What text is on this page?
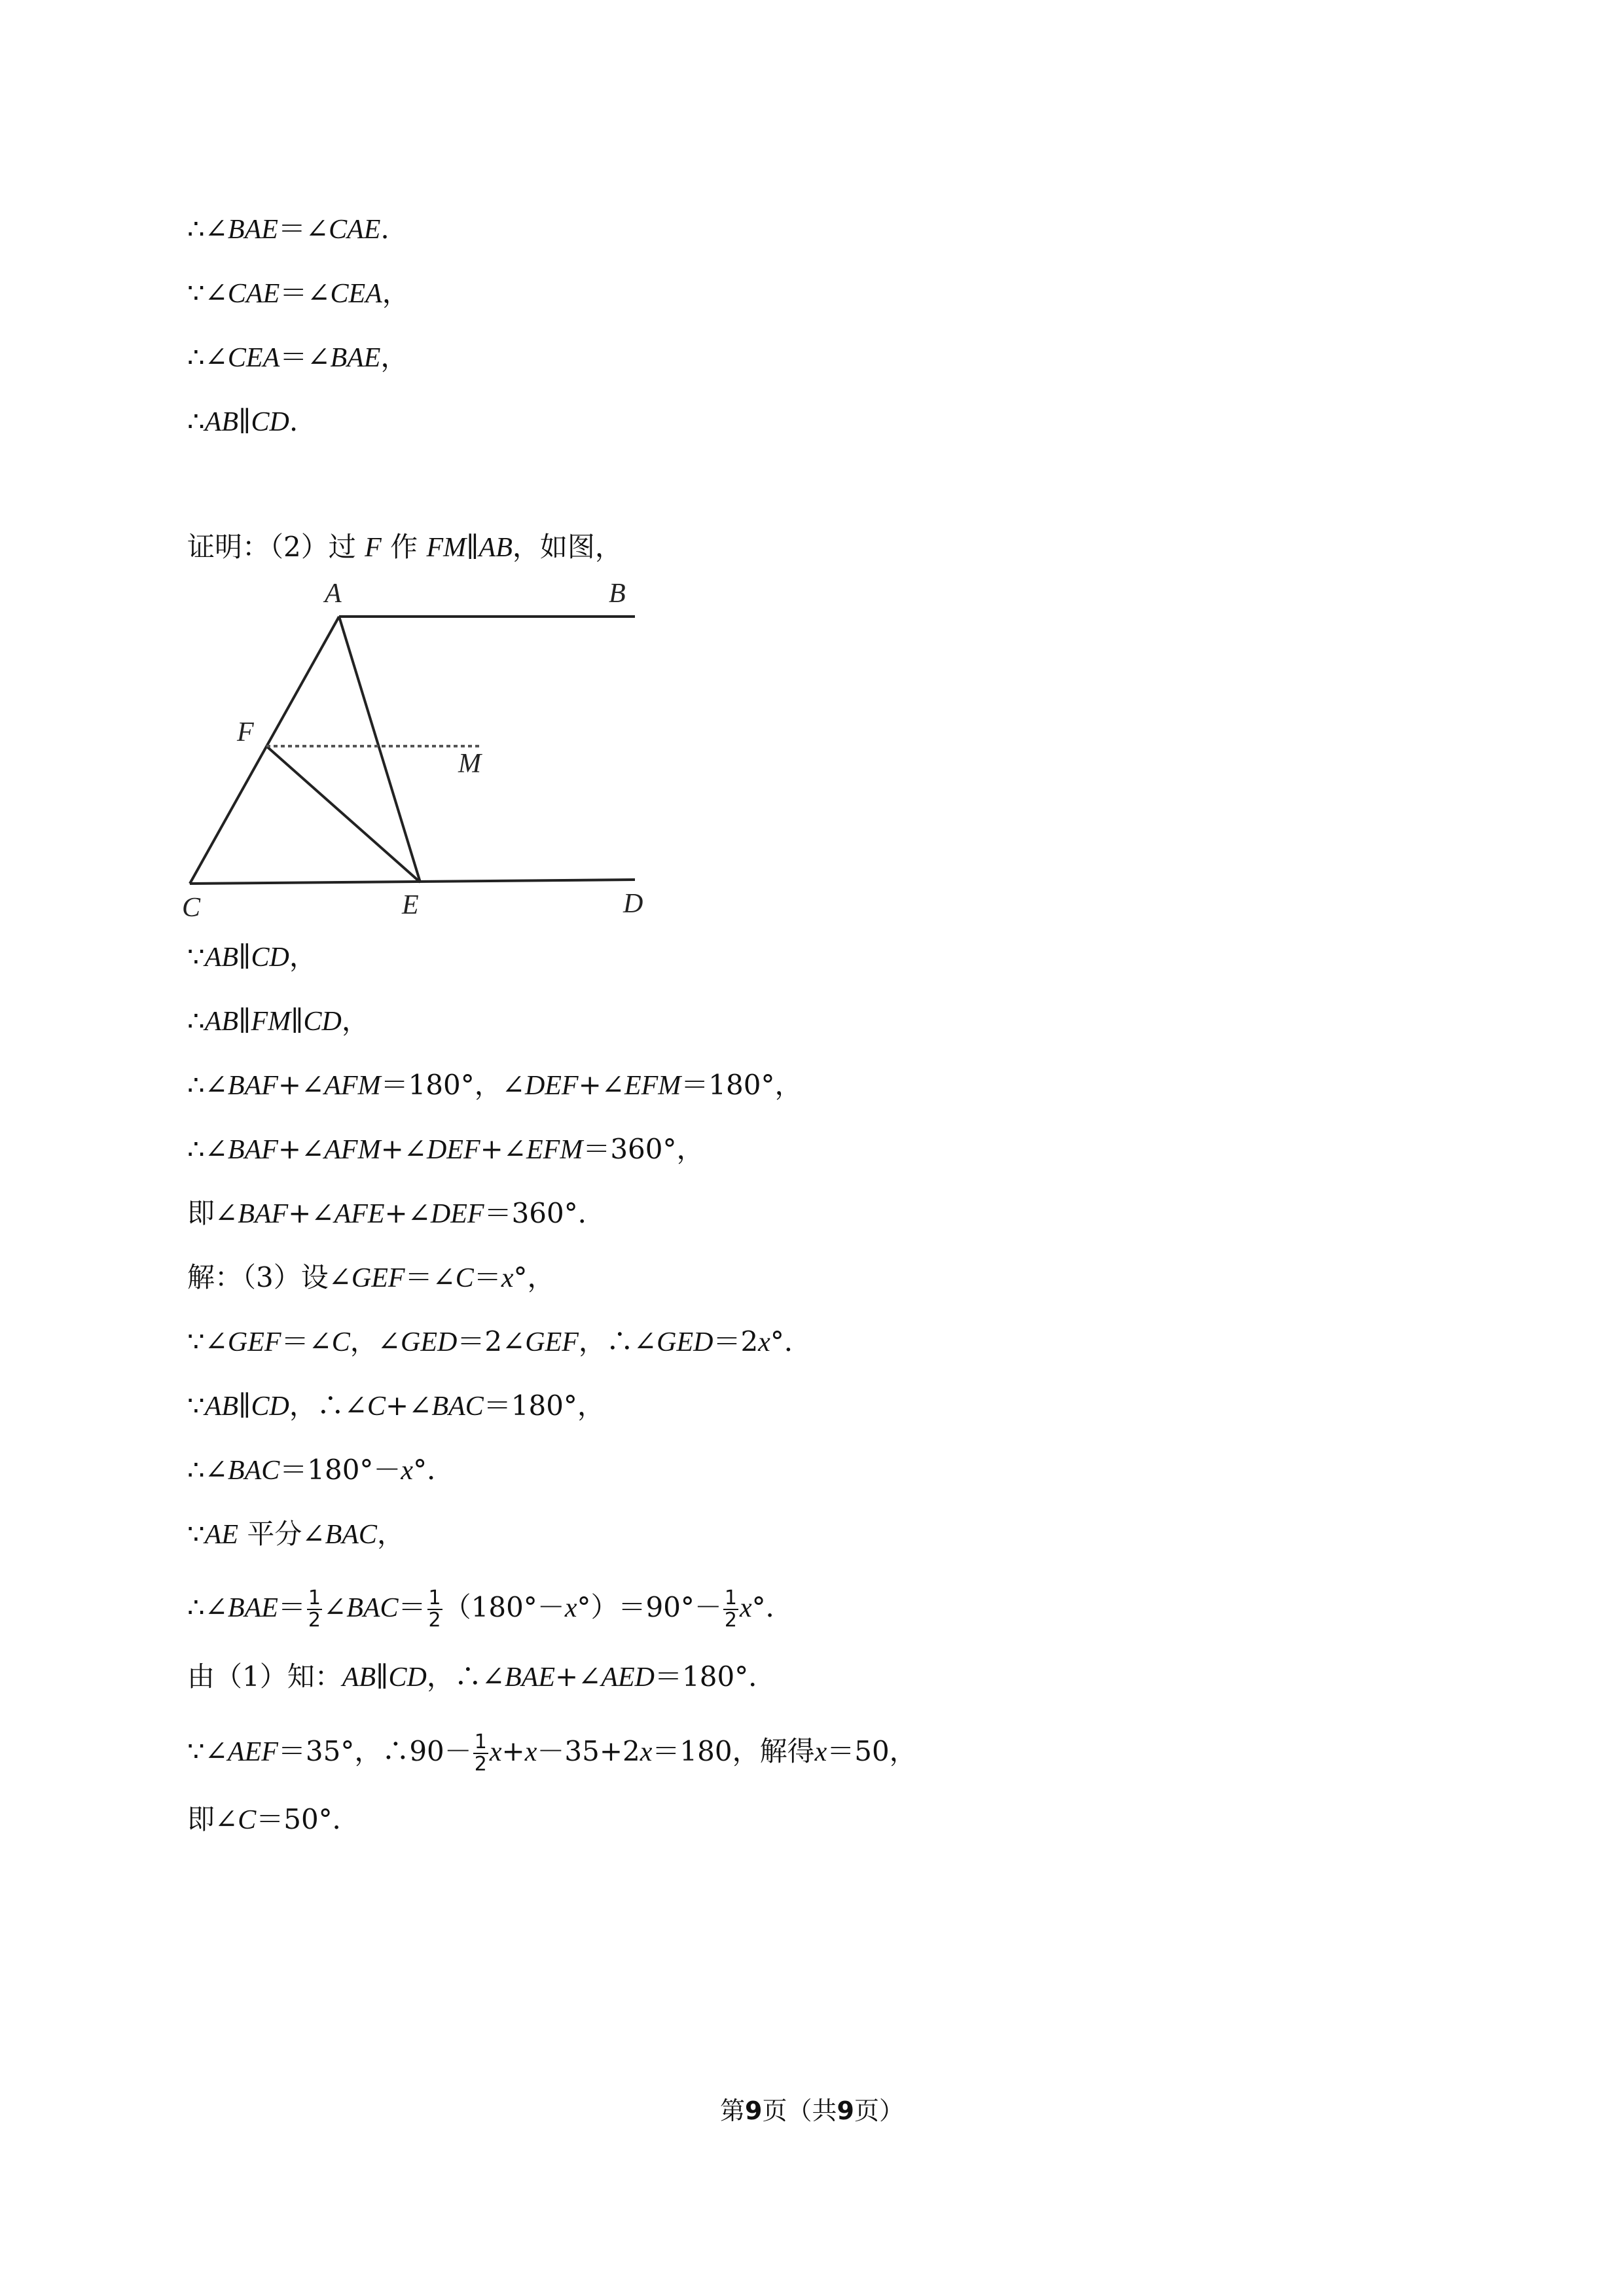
∴∠BAE＝∠CAE.
∵∠CAE＝∠CEA，
∴∠CEA＝∠BAE，
∴AB∥CD.
证明：（2）过 F 作 FM∥AB，如图，
A	B
F
M
C	E	D
∵AB∥CD，
∴AB∥FM∥CD，
∴∠BAF+∠AFM＝180°，∠DEF+∠EFM＝180°，
∴∠BAF+∠AFM+∠DEF+∠EFM＝360°，
即∠BAF+∠AFE+∠DEF＝360°．
解：（3）设∠GEF＝∠C＝x°，
∵∠GEF＝∠C，∠GED＝2∠GEF，∴∠GED＝2x°．
∵AB∥CD，∴∠C+∠BAC＝180°，
∴∠BAC＝180°－x°．
∵AE 平分∠BAC，
∴∠BAE＝ $\frac{1}{2}$ ∠BAC＝ $\frac{1}{2} (180^\circ-x^\circ)=90^\circ- \frac{1}{2} x^\circ$．
由（1）知：AB∥CD，∴∠BAE+∠AED＝180°．
∵∠AEF＝35°，∴90－ $\frac{1}{2} x+x-35+2x=180$，解得x＝50，
即∠C＝50°．
第9页（共9页）
